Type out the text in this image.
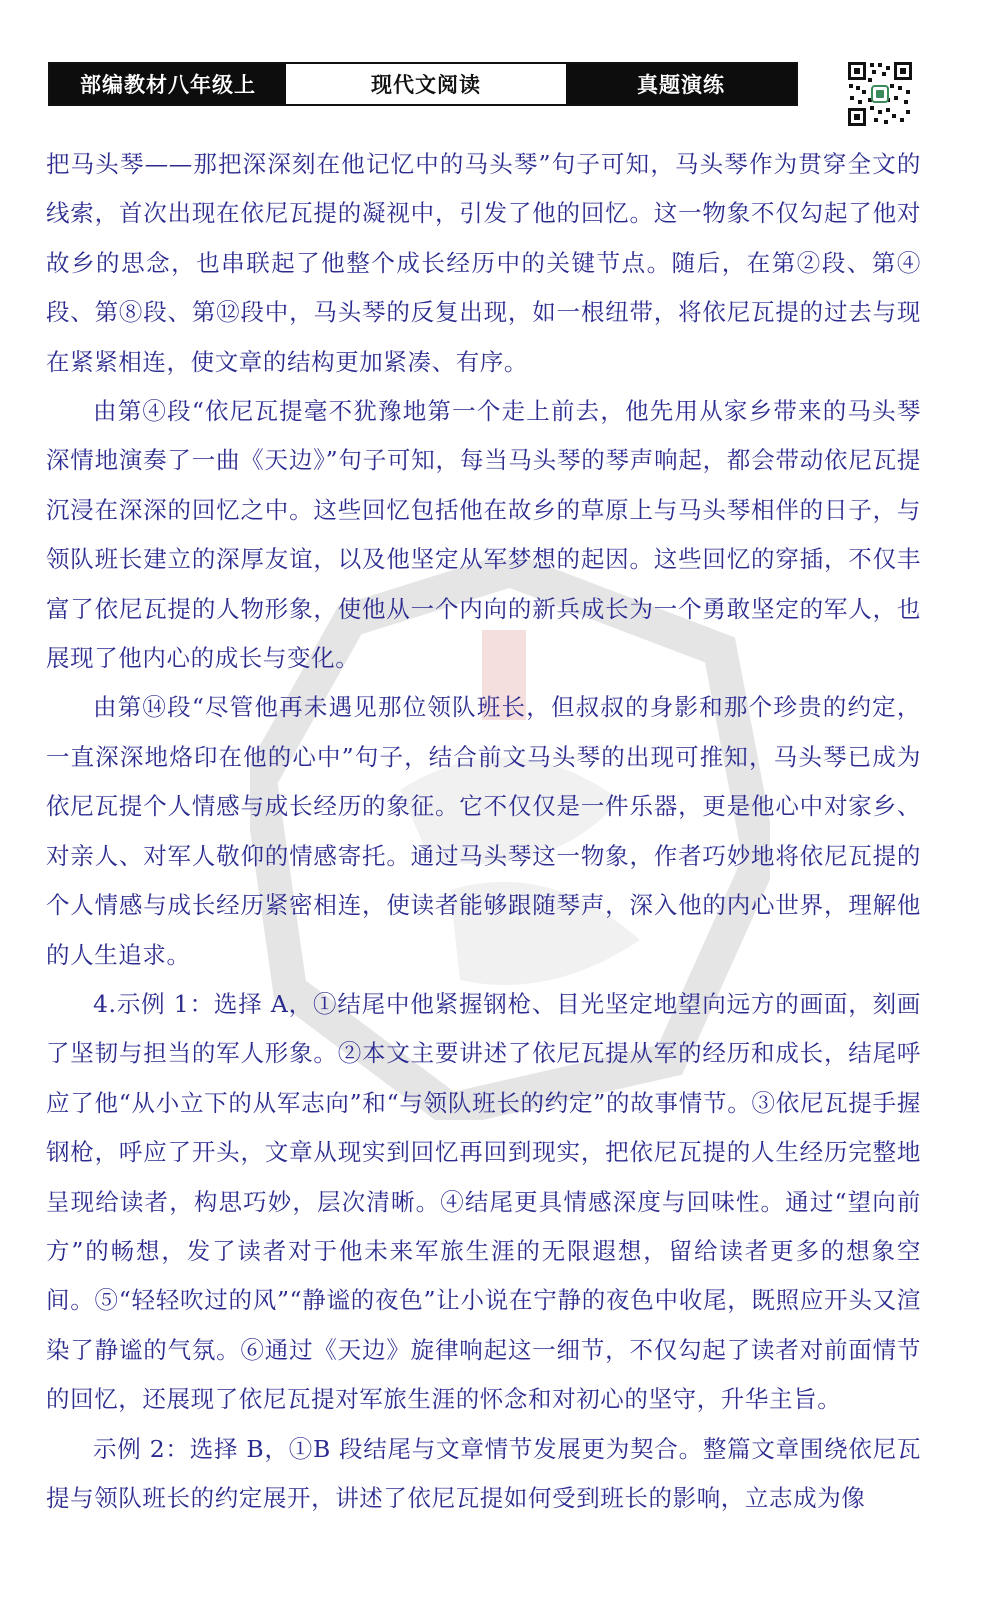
部编教材八年级上	现代文阅读	真题演练

把马头琴——那把深深刻在他记忆中的马头琴”句子可知，马头琴作为贯穿全文的线索，首次出现在依尼瓦提的凝视中，引发了他的回忆。这一物象不仅勾起了他对故乡的思念，也串联起了他整个成长经历中的关键节点。随后，在第②段、第④段、第⑧段、第⑫段中，马头琴的反复出现，如一根纽带，将依尼瓦提的过去与现在紧紧相连，使文章的结构更加紧凑、有序。

由第④段“依尼瓦提毫不犹豫地第一个走上前去，他先用从家乡带来的马头琴深情地演奏了一曲《天边》”句子可知，每当马头琴的琴声响起，都会带动依尼瓦提沉浸在深深的回忆之中。这些回忆包括他在故乡的草原上与马头琴相伴的日子，与领队班长建立的深厚友谊，以及他坚定从军梦想的起因。这些回忆的穿插，不仅丰富了依尼瓦提的人物形象，使他从一个内向的新兵成长为一个勇敢坚定的军人，也展现了他内心的成长与变化。

由第⑭段“尽管他再未遇见那位领队班长，但叔叔的身影和那个珍贵的约定，一直深深地烙印在他的心中”句子，结合前文马头琴的出现可推知，马头琴已成为依尼瓦提个人情感与成长经历的象征。它不仅仅是一件乐器，更是他心中对家乡、对亲人、对军人敬仰的情感寄托。通过马头琴这一物象，作者巧妙地将依尼瓦提的个人情感与成长经历紧密相连，使读者能够跟随琴声，深入他的内心世界，理解他的人生追求。

4.示例 1：选择 A，①结尾中他紧握钢枪、目光坚定地望向远方的画面，刻画了坚韧与担当的军人形象。②本文主要讲述了依尼瓦提从军的经历和成长，结尾呼应了他“从小立下的从军志向”和“与领队班长的约定”的故事情节。③依尼瓦提手握钢枪，呼应了开头，文章从现实到回忆再回到现实，把依尼瓦提的人生经历完整地呈现给读者，构思巧妙，层次清晰。④结尾更具情感深度与回味性。通过“望向前方”的畅想，发了读者对于他未来军旅生涯的无限遐想，留给读者更多的想象空间。⑤“轻轻吹过的风”“静谧的夜色”让小说在宁静的夜色中收尾，既照应开头又渲染了静谧的气氛。⑥通过《天边》旋律响起这一细节，不仅勾起了读者对前面情节的回忆，还展现了依尼瓦提对军旅生涯的怀念和对初心的坚守，升华主旨。

示例 2：选择 B，①B 段结尾与文章情节发展更为契合。整篇文章围绕依尼瓦提与领队班长的约定展开，讲述了依尼瓦提如何受到班长的影响，立志成为像
